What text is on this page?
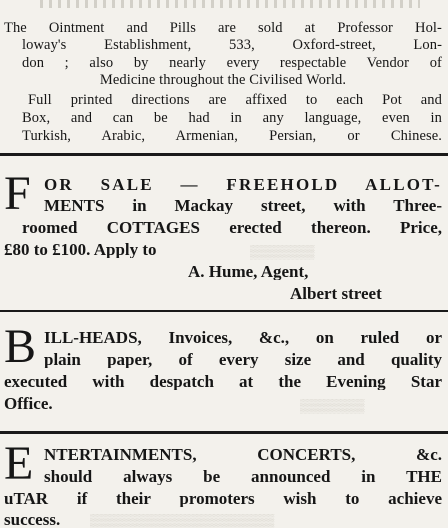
The Ointment and Pills are sold at Professor Hol-
loway's Establishment, 533, Oxford-street, Lon-
don ; also by nearly every respectable Vendor of
Medicine throughout the Civilised World.
Full printed directions are affixed to each Pot and
Box, and can be had in any language, even in
Turkish, Arabic, Armenian, Persian, or Chinese.
F OR SALE — FREEHOLD ALLOT-
MENTS in Mackay street, with Three-
roomed COTTAGES erected thereon. Price,
£80 to £100. Apply to
A. Hume, Agent,
Albert street
▒▒▒▒▒▒▒
B ILL-HEADS, Invoices, &c., on ruled or
plain paper, of every size and quality
executed with despatch at the Evening Star
Office.	▒▒▒▒▒▒▒
E NTERTAINMENTS, CONCERTS, &c.
should always be announced in THE
uTAR if their promoters wish to achieve
success.	▒▒▒▒▒▒▒▒▒▒▒▒▒▒▒▒▒▒▒▒
